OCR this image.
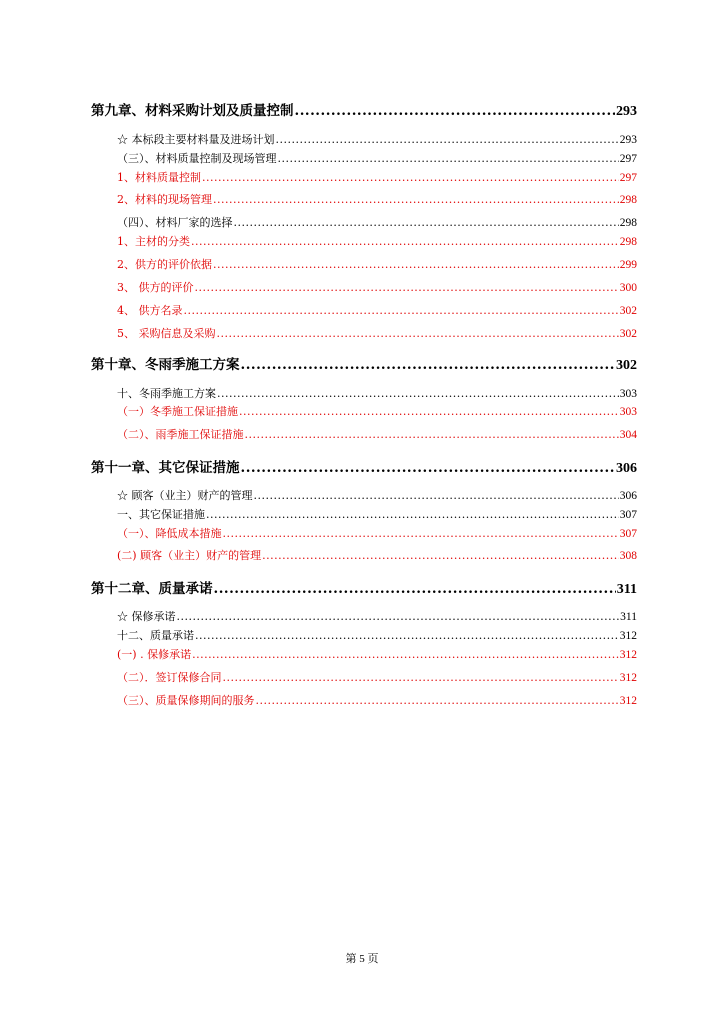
第九章、材料采购计划及质量控制 .....	293
☆ 本标段主要材料量及进场计划 .....	293
（三）、材料质量控制及现场管理 .....	297
1、材料质量控制 .....	297
2、材料的现场管理 .....	298
（四）、材料厂家的选择 .....	298
1、主材的分类 .....	298
2、供方的评价依据 .....	299
3、 供方的评价 .....	300
4、 供方名录 .....	302
5、 采购信息及采购 .....	302
第十章、冬雨季施工方案 .....	302
十、冬雨季施工方案 .....	303
（一）冬季施工保证措施 .....	303
（二）、雨季施工保证措施 .....	304
第十一章、其它保证措施 .....	306
☆ 顾客（业主）财产的管理 .....	306
一、其它保证措施 .....	307
（一）、降低成本措施 .....	307
(二) 顾客（业主）财产的管理 .....	308
第十二章、质量承诺 .....	311
☆ 保修承诺 .....	311
十二、质量承诺 .....	312
(一) . 保修承诺 .....	312
（二）．签订保修合同 .....	312
（三）、质量保修期间的服务 .....	312
第 5 页
